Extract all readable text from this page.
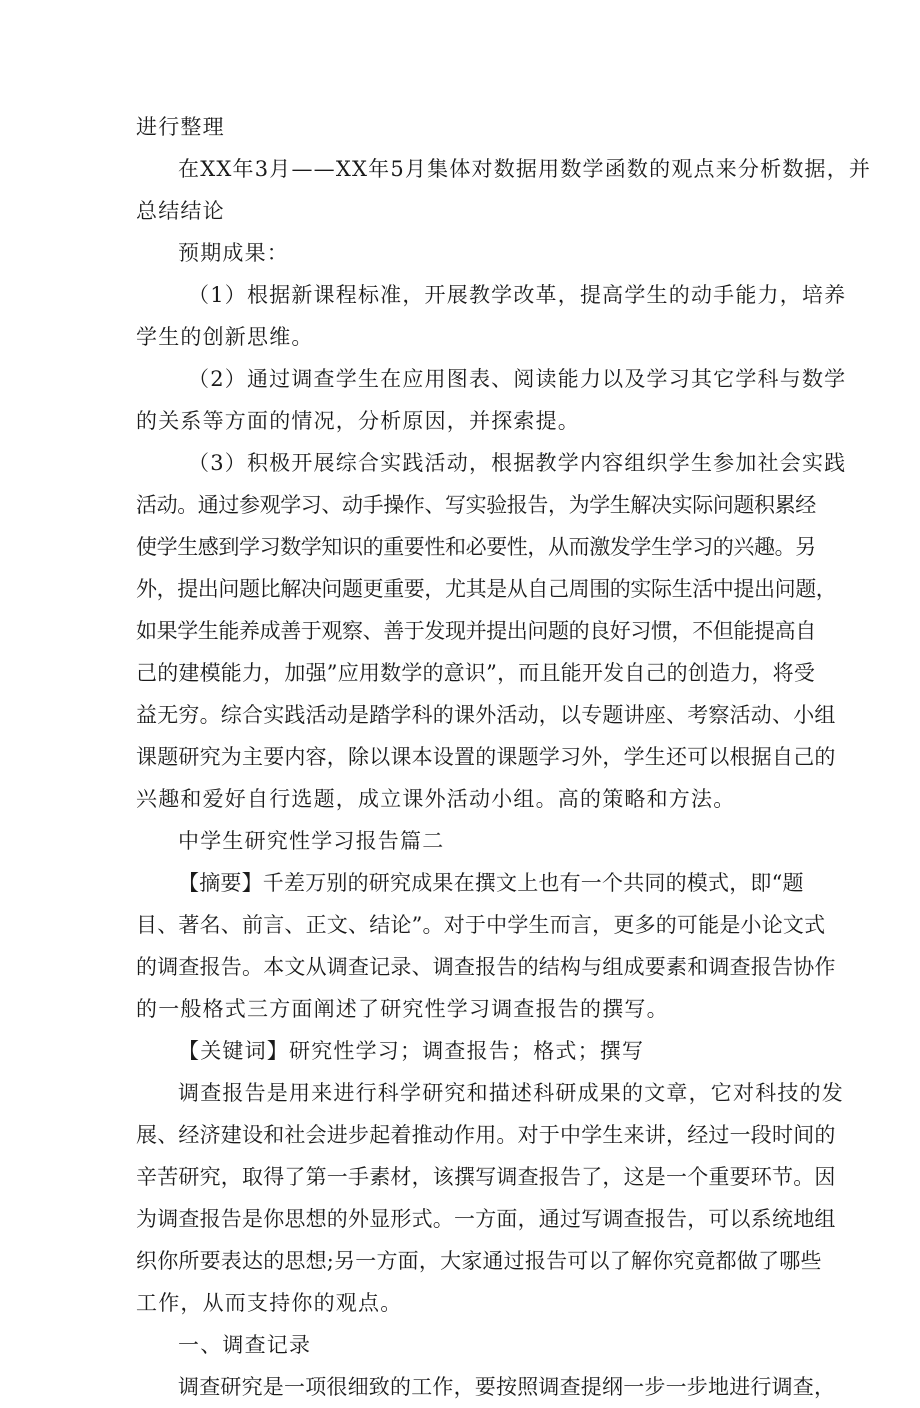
进行整理

在XX年3月——XX年5月集体对数据用数学函数的观点来分析数据，并

总结结论

预期成果：

（1）根据新课程标准，开展教学改革，提高学生的动手能力，培养

学生的创新思维。

（2）通过调查学生在应用图表、阅读能力以及学习其它学科与数学

的关系等方面的情况，分析原因，并探索提。

（3）积极开展综合实践活动，根据教学内容组织学生参加社会实践

活动。通过参观学习、动手操作、写实验报告，为学生解决实际问题积累经

使学生感到学习数学知识的重要性和必要性，从而激发学生学习的兴趣。另

外，提出问题比解决问题更重要，尤其是从自己周围的实际生活中提出问题，

如果学生能养成善于观察、善于发现并提出问题的良好习惯，不但能提高自

己的建模能力，加强”应用数学的意识”，而且能开发自己的创造力，将受

益无穷。综合实践活动是踏学科的课外活动，以专题讲座、考察活动、小组

课题研究为主要内容，除以课本设置的课题学习外，学生还可以根据自己的

兴趣和爱好自行选题，成立课外活动小组。高的策略和方法。

中学生研究性学习报告篇二

【摘要】千差万别的研究成果在撰文上也有一个共同的模式，即“题

目、著名、前言、正文、结论”。对于中学生而言，更多的可能是小论文式

的调查报告。本文从调查记录、调查报告的结构与组成要素和调查报告协作

的一般格式三方面阐述了研究性学习调查报告的撰写。

【关键词】研究性学习；调查报告；格式；撰写

调查报告是用来进行科学研究和描述科研成果的文章，它对科技的发

展、经济建设和社会进步起着推动作用。对于中学生来讲，经过一段时间的

辛苦研究，取得了第一手素材，该撰写调查报告了，这是一个重要环节。因

为调查报告是你思想的外显形式。一方面，通过写调查报告，可以系统地组

织你所要表达的思想;另一方面，大家通过报告可以了解你究竟都做了哪些

工作，从而支持你的观点。

一、调查记录

调查研究是一项很细致的工作，要按照调查提纲一步一步地进行调查，
